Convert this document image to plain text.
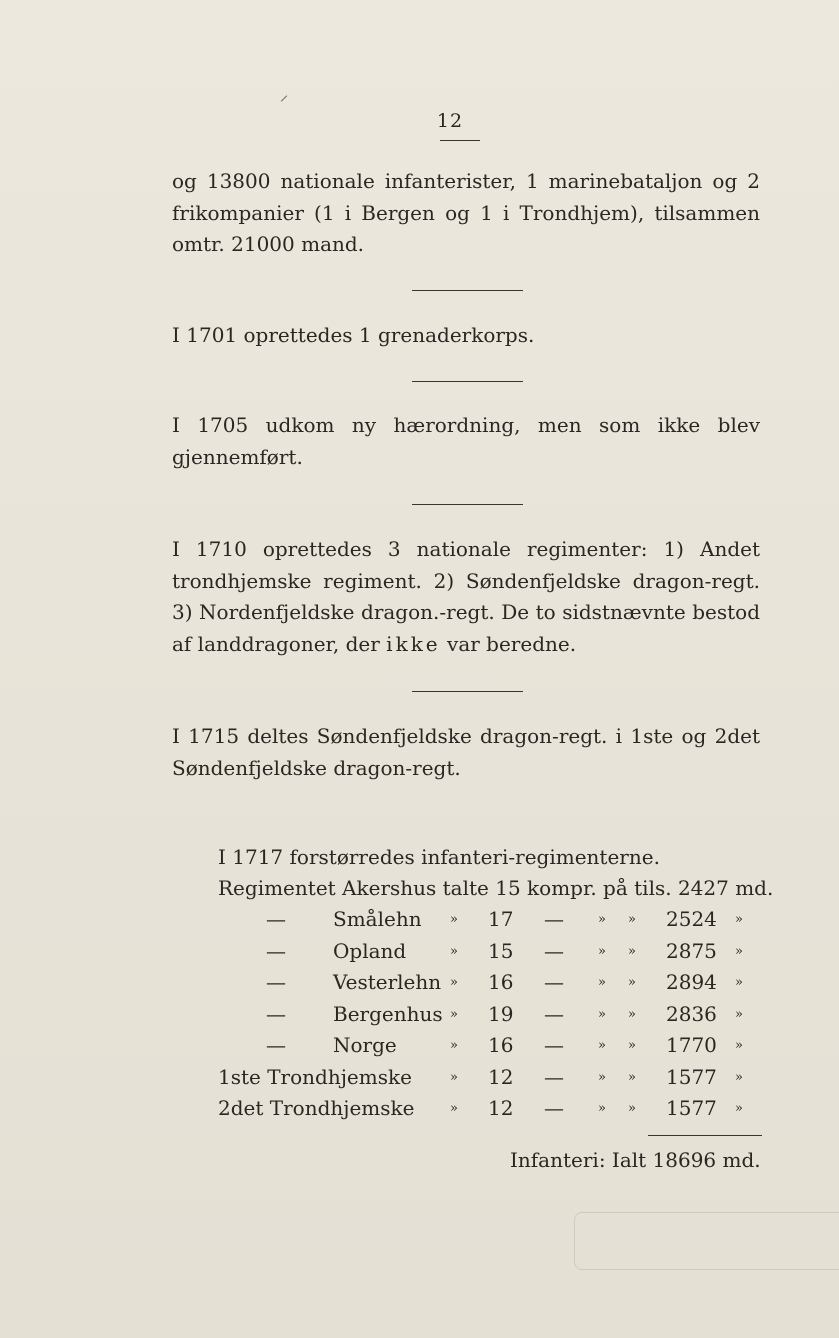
12

og 13800 nationale infanterister, 1 marinebataljon og 2 frikompanier (1 i Bergen og 1 i Trondhjem), tilsammen omtr. 21000 mand.

I 1701 oprettedes 1 grenaderkorps.

I 1705 udkom ny hærordning, men som ikke blev gjennemført.

I 1710 oprettedes 3 nationale regimenter: 1) Andet trondhjemske regiment. 2) Søndenfjeldske dragon-regt. 3) Nordenfjeldske dragon.-regt. De to sidstnævnte bestod af landdragoner, der ikke var beredne.

I 1715 deltes Søndenfjeldske dragon-regt. i 1ste og 2det Søndenfjeldske dragon-regt.

I 1717 forstørredes infanteri-regimenterne.
Regimentet Akershus talte 15 kompr. på tils. 2427 md.
— Smålehn » 17 —	» » 2524 »
— Opland	» 15 —	» » 2875 »
— Vesterlehn » 16 —	» » 2894 »
— Bergenhus » 19 —	» » 2836 »
— Norge	» 16 —	» » 1770 »
1ste Trondhjemske	» 12 —	» » 1577 »
2det Trondhjemske	» 12 —	» » 1577 »
Infanteri: Ialt 18696 md.
